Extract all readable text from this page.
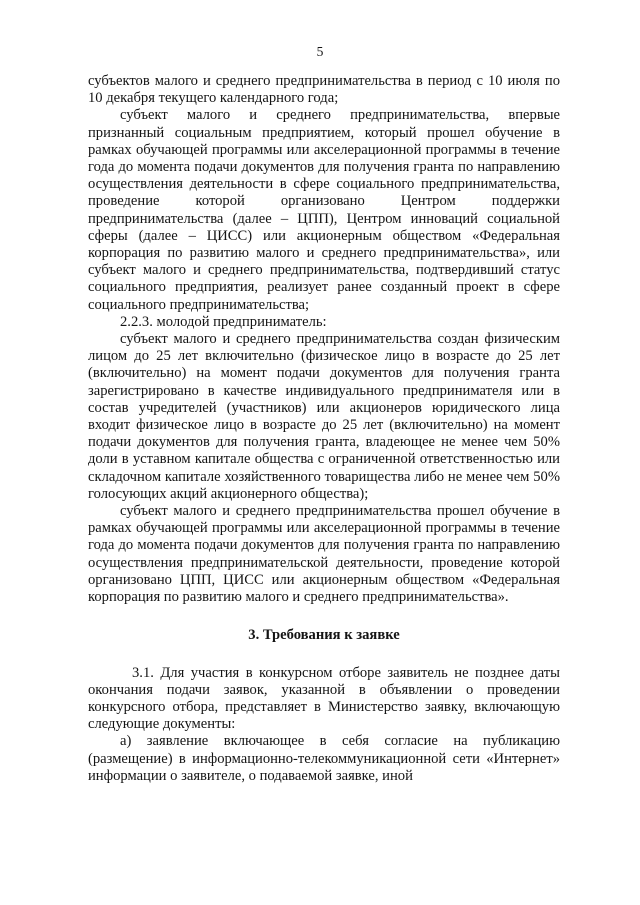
5

субъектов малого и среднего предпринимательства в период с 10 июля по 10 декабря текущего календарного года;

субъект малого и среднего предпринимательства, впервые признанный социальным предприятием, который прошел обучение в рамках обучающей программы или акселерационной программы в течение года до момента подачи документов для получения гранта по направлению осуществления деятельности в сфере социального предпринимательства, проведение которой организовано Центром поддержки предпринимательства (далее – ЦПП), Центром инноваций социальной сферы (далее – ЦИСС) или акционерным обществом «Федеральная корпорация по развитию малого и среднего предпринимательства», или субъект малого и среднего предпринимательства, подтвердивший статус социального предприятия, реализует ранее созданный проект в сфере социального предпринимательства;

2.2.3. молодой предприниматель:

субъект малого и среднего предпринимательства создан физическим лицом до 25 лет включительно (физическое лицо в возрасте до 25 лет (включительно) на момент подачи документов для получения гранта зарегистрировано в качестве индивидуального предпринимателя или в состав учредителей (участников) или акционеров юридического лица входит физическое лицо в возрасте до 25 лет (включительно) на момент подачи документов для получения гранта, владеющее не менее чем 50% доли в уставном капитале общества с ограниченной ответственностью или складочном капитале хозяйственного товарищества либо не менее чем 50% голосующих акций акционерного общества);

субъект малого и среднего предпринимательства прошел обучение в рамках обучающей программы или акселерационной программы в течение года до момента подачи документов для получения гранта по направлению осуществления предпринимательской деятельности, проведение которой организовано ЦПП, ЦИСС или акционерным обществом «Федеральная корпорация по развитию малого и среднего предпринимательства».

3. Требования к заявке

3.1. Для участия в конкурсном отборе заявитель не позднее даты окончания подачи заявок, указанной в объявлении о проведении конкурсного отбора, представляет в Министерство заявку, включающую следующие документы:

а) заявление включающее в себя согласие на публикацию (размещение) в информационно-телекоммуникационной сети «Интернет» информации о заявителе, о подаваемой заявке, иной
